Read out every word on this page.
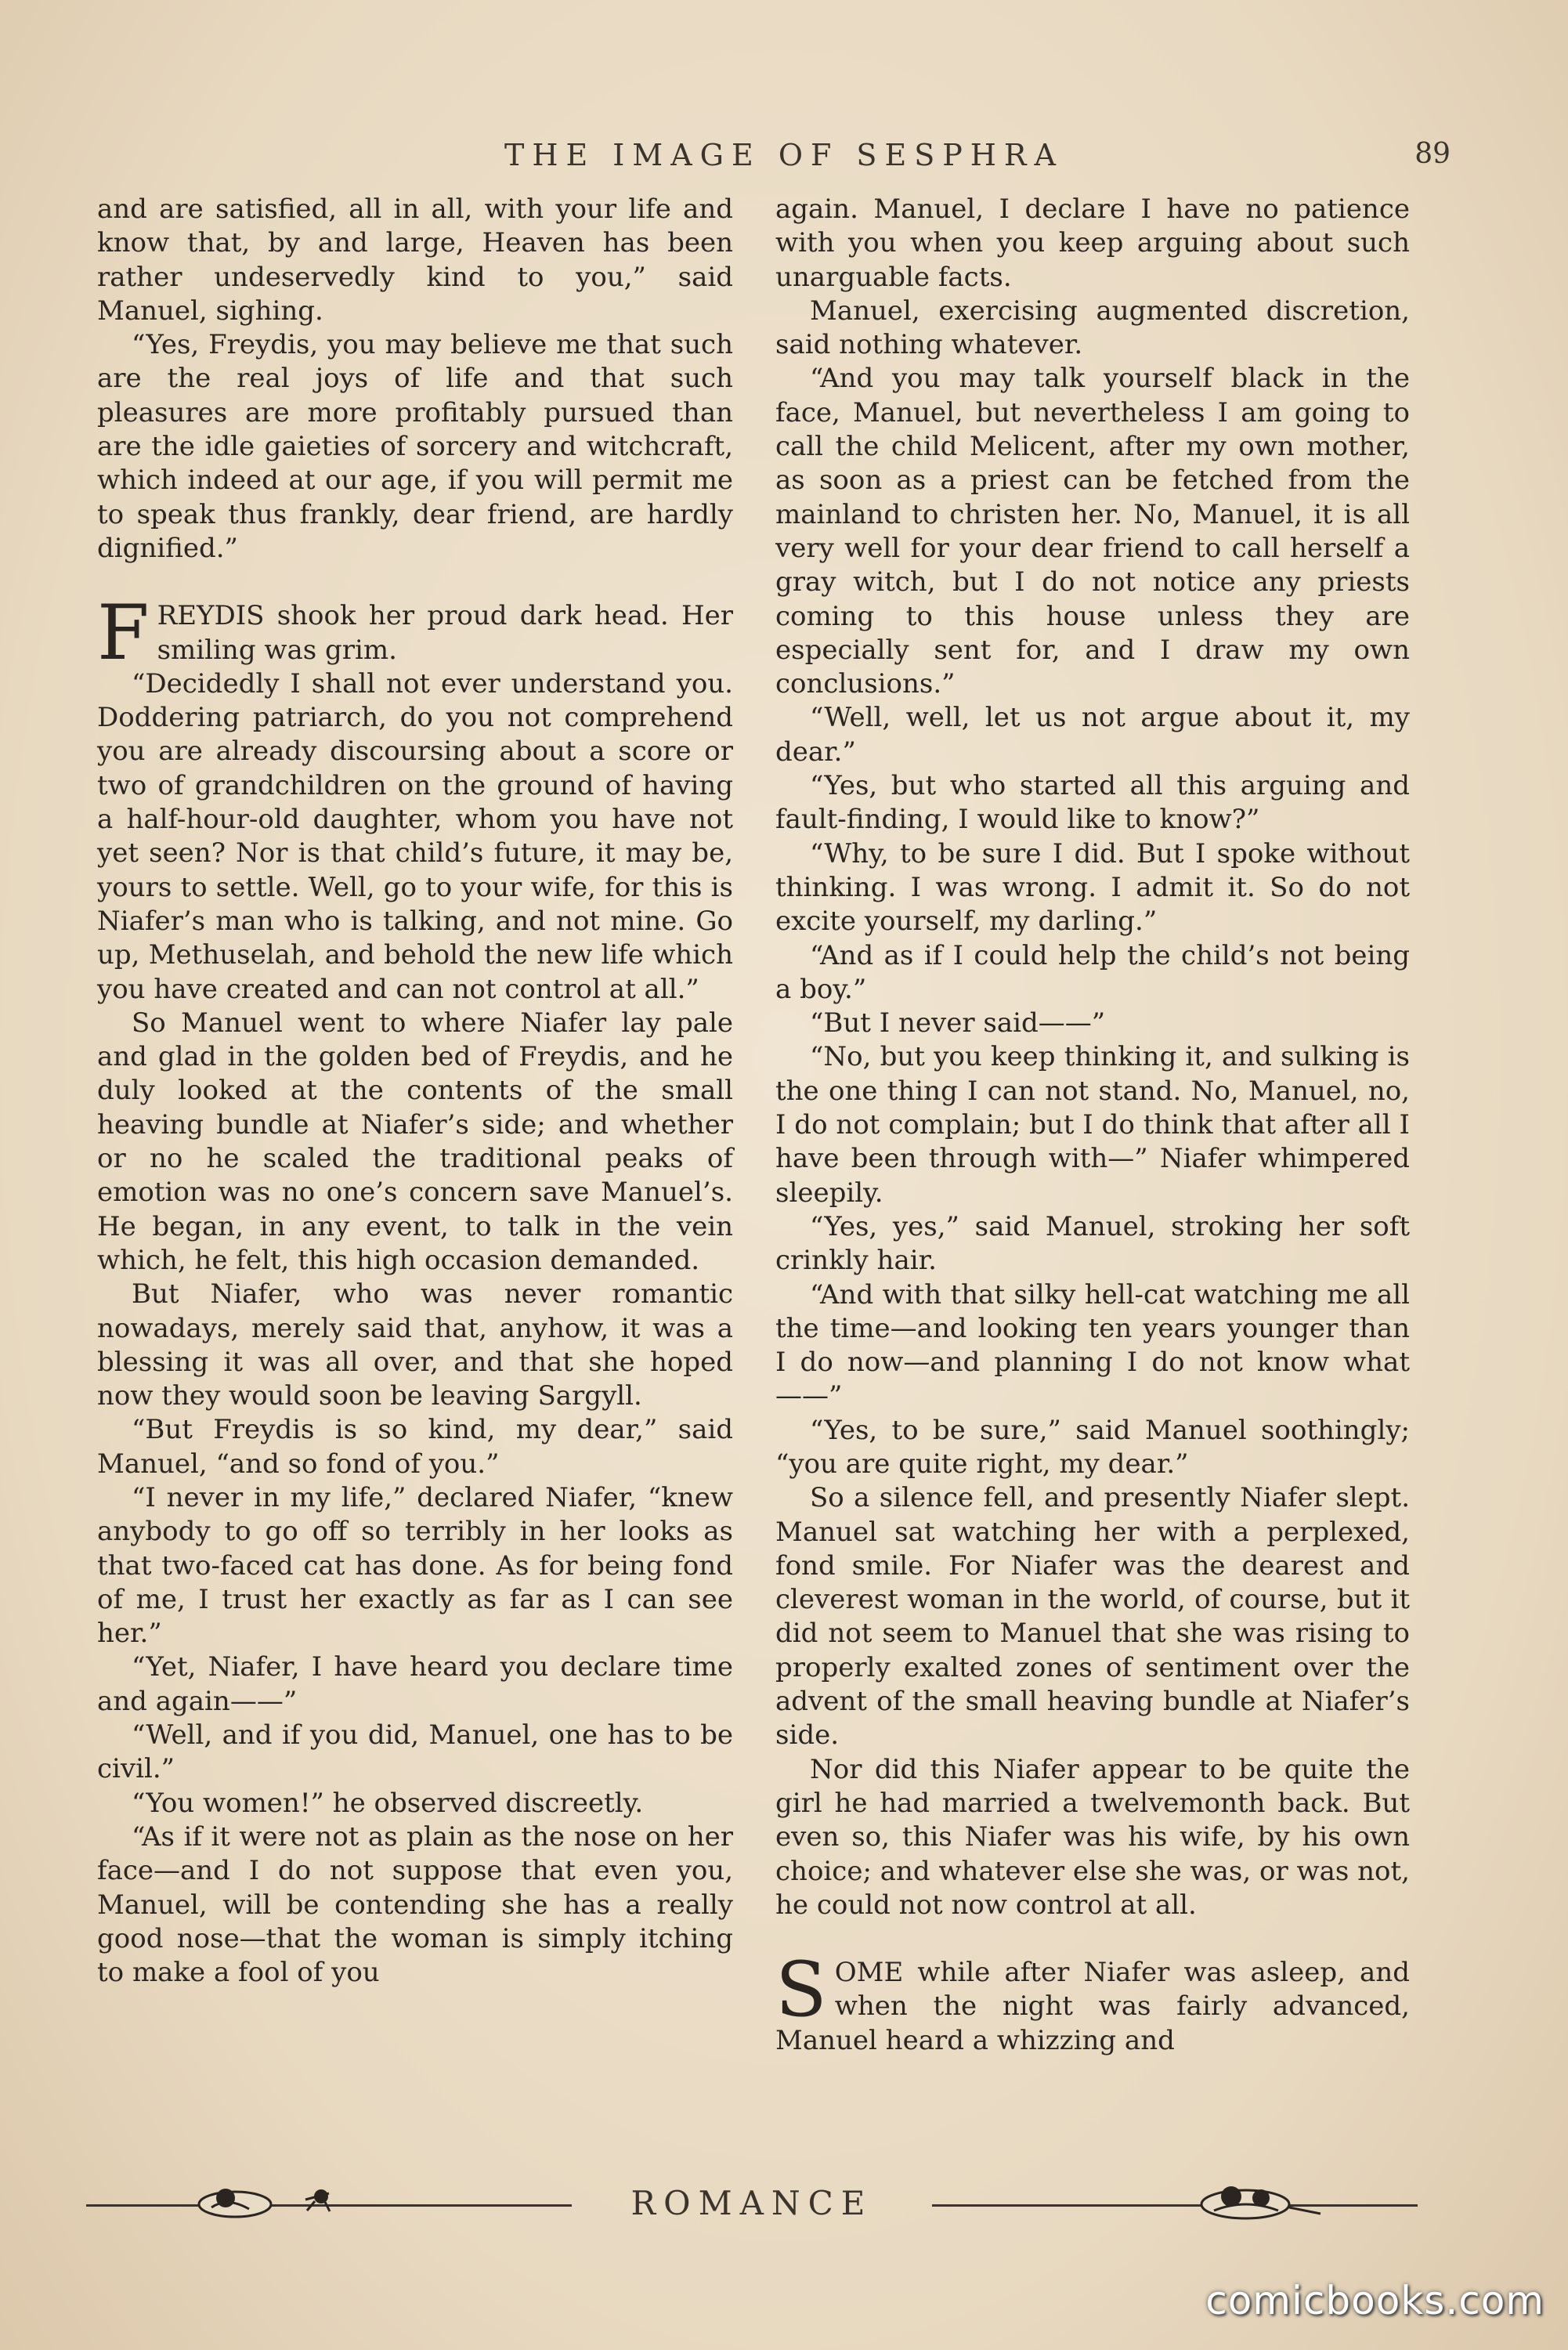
THE IMAGE OF SESPHRA	89

and are satisfied, all in all, with your life and know that, by and large, Heaven has been rather undeservedly kind to you,” said Manuel, sighing.

“Yes, Freydis, you may believe me that such are the real joys of life and that such pleasures are more profitably pursued than are the idle gaieties of sorcery and witchcraft, which indeed at our age, if you will permit me to speak thus frankly, dear friend, are hardly dignified.”

FREYDIS shook her proud dark head. Her smiling was grim.

“Decidedly I shall not ever understand you. Doddering patriarch, do you not comprehend you are already discoursing about a score or two of grandchildren on the ground of having a half-hour-old daughter, whom you have not yet seen? Nor is that child’s future, it may be, yours to settle. Well, go to your wife, for this is Niafer’s man who is talking, and not mine. Go up, Methuselah, and behold the new life which you have created and can not control at all.”

So Manuel went to where Niafer lay pale and glad in the golden bed of Freydis, and he duly looked at the contents of the small heaving bundle at Niafer’s side; and whether or no he scaled the traditional peaks of emotion was no one’s concern save Manuel’s. He began, in any event, to talk in the vein which, he felt, this high occasion demanded.

But Niafer, who was never romantic nowadays, merely said that, anyhow, it was a blessing it was all over, and that she hoped now they would soon be leaving Sargyll.

“But Freydis is so kind, my dear,” said Manuel, “and so fond of you.”

“I never in my life,” declared Niafer, “knew anybody to go off so terribly in her looks as that two-faced cat has done. As for being fond of me, I trust her exactly as far as I can see her.”

“Yet, Niafer, I have heard you declare time and again——”

“Well, and if you did, Manuel, one has to be civil.”

“You women!” he observed discreetly.

“As if it were not as plain as the nose on her face—and I do not suppose that even you, Manuel, will be contending she has a really good nose—that the woman is simply itching to make a fool of you

again. Manuel, I declare I have no patience with you when you keep arguing about such unarguable facts.

Manuel, exercising augmented discretion, said nothing whatever.

“And you may talk yourself black in the face, Manuel, but nevertheless I am going to call the child Melicent, after my own mother, as soon as a priest can be fetched from the mainland to christen her. No, Manuel, it is all very well for your dear friend to call herself a gray witch, but I do not notice any priests coming to this house unless they are especially sent for, and I draw my own conclusions.”

“Well, well, let us not argue about it, my dear.”

“Yes, but who started all this arguing and fault-finding, I would like to know?”

“Why, to be sure I did. But I spoke without thinking. I was wrong. I admit it. So do not excite yourself, my darling.”

“And as if I could help the child’s not being a boy.”

“But I never said——”

“No, but you keep thinking it, and sulking is the one thing I can not stand. No, Manuel, no, I do not complain; but I do think that after all I have been through with—” Niafer whimpered sleepily.

“Yes, yes,” said Manuel, stroking her soft crinkly hair.

“And with that silky hell-cat watching me all the time—and looking ten years younger than I do now—and planning I do not know what——”

“Yes, to be sure,” said Manuel soothingly; “you are quite right, my dear.”

So a silence fell, and presently Niafer slept. Manuel sat watching her with a perplexed, fond smile. For Niafer was the dearest and cleverest woman in the world, of course, but it did not seem to Manuel that she was rising to properly exalted zones of sentiment over the advent of the small heaving bundle at Niafer’s side.

Nor did this Niafer appear to be quite the girl he had married a twelvemonth back. But even so, this Niafer was his wife, by his own choice; and whatever else she was, or was not, he could not now control at all.

SOME while after Niafer was asleep, and when the night was fairly advanced, Manuel heard a whizzing and

ROMANCE
comicbooks.com
